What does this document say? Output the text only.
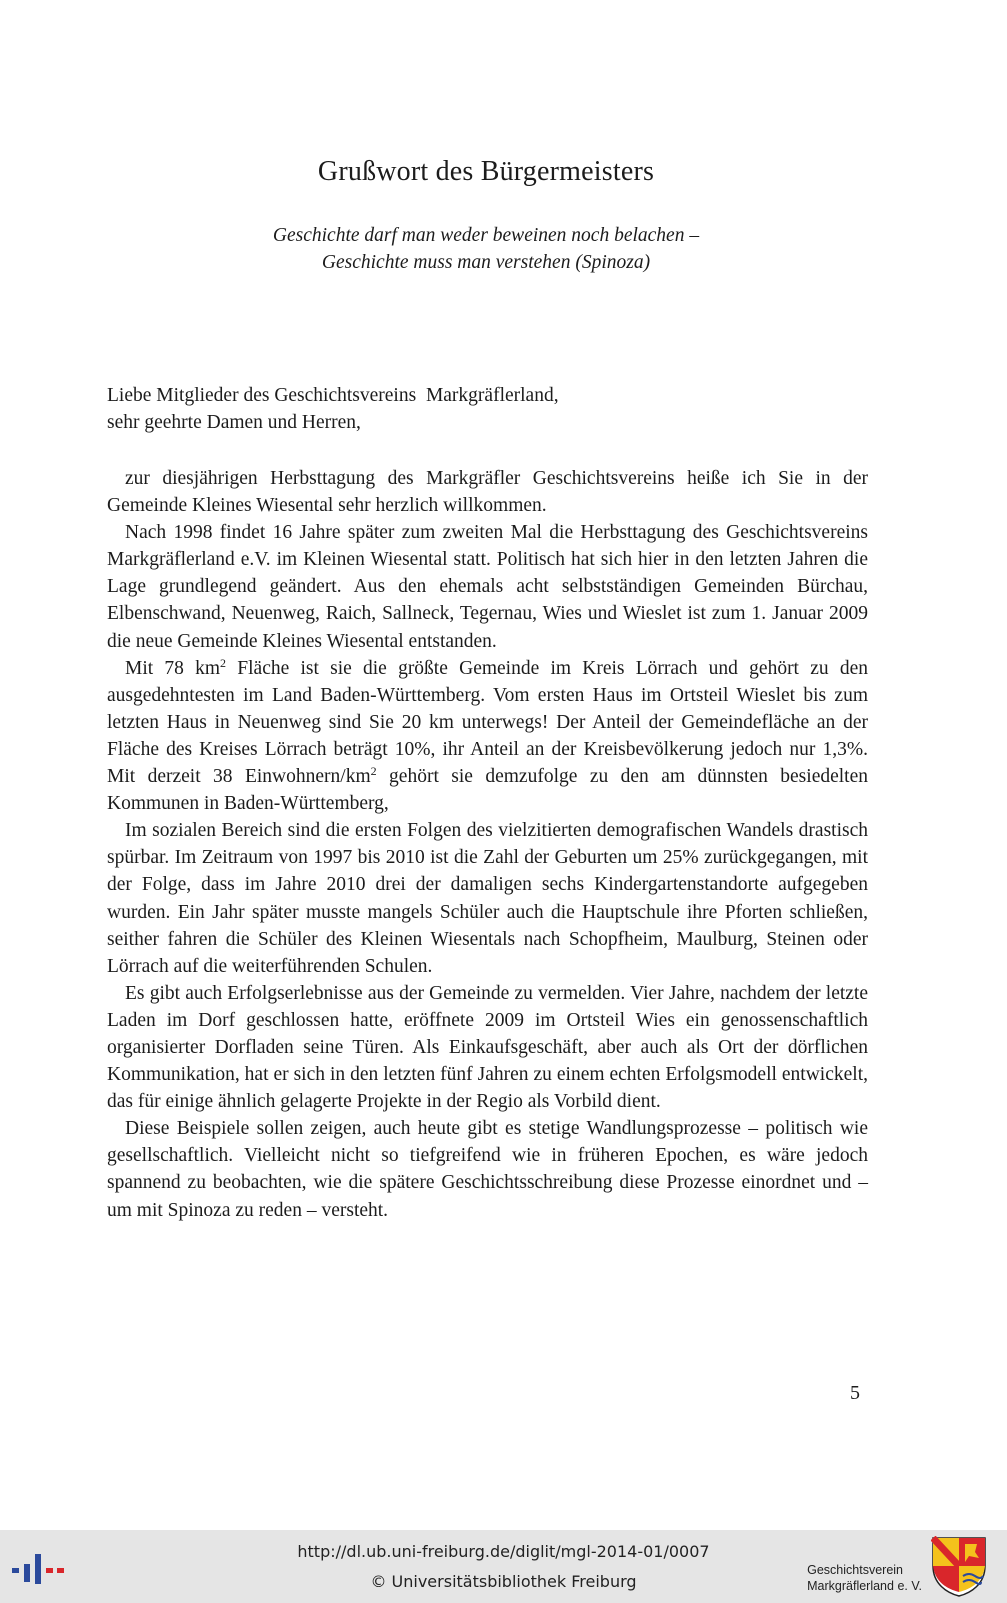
Grußwort des Bürgermeisters
Geschichte darf man weder beweinen noch belachen –
Geschichte muss man verstehen (Spinoza)
Liebe Mitglieder des Geschichtsvereins  Markgräflerland,
sehr geehrte Damen und Herren,

zur diesjährigen Herbsttagung des Markgräfler Geschichtsvereins heiße ich Sie in der Gemeinde Kleines Wiesental sehr herzlich willkommen.

Nach 1998 findet 16 Jahre später zum zweiten Mal die Herbsttagung des Geschichtsvereins Markgräflerland e.V. im Kleinen Wiesental statt. Politisch hat sich hier in den letzten Jahren die Lage grundlegend geändert. Aus den ehemals acht selbstständigen Gemeinden Bürchau, Elbenschwand, Neuenweg, Raich, Sallneck, Tegernau, Wies und Wieslet ist zum 1. Januar 2009 die neue Gemeinde Kleines Wiesental entstanden.

Mit 78 $km^2$ Fläche ist sie die größte Gemeinde im Kreis Lörrach und gehört zu den ausgedehntesten im Land Baden-Württemberg. Vom ersten Haus im Ortsteil Wieslet bis zum letzten Haus in Neuenweg sind Sie 20 km unterwegs! Der Anteil der Gemeindefläche an der Fläche des Kreises Lörrach beträgt 10%, ihr Anteil an der Kreisbevölkerung jedoch nur 1,3%. Mit derzeit 38 Einwohnern/$km^2$ gehört sie demzufolge zu den am dünnsten besiedelten Kommunen in Baden-Württemberg,

Im sozialen Bereich sind die ersten Folgen des vielzitierten demografischen Wandels drastisch spürbar. Im Zeitraum von 1997 bis 2010 ist die Zahl der Geburten um 25% zurückgegangen, mit der Folge, dass im Jahre 2010 drei der damaligen sechs Kindergartenstandorte aufgegeben wurden. Ein Jahr später musste mangels Schüler auch die Hauptschule ihre Pforten schließen, seither fahren die Schüler des Kleinen Wiesentals nach Schopfheim, Maulburg, Steinen oder Lörrach auf die weiterführenden Schulen.

Es gibt auch Erfolgserlebnisse aus der Gemeinde zu vermelden. Vier Jahre, nachdem der letzte Laden im Dorf geschlossen hatte, eröffnete 2009 im Ortsteil Wies ein genossenschaftlich organisierter Dorfladen seine Türen. Als Einkaufsgeschäft, aber auch als Ort der dörflichen Kommunikation, hat er sich in den letzten fünf Jahren zu einem echten Erfolgsmodell entwickelt, das für einige ähnlich gelagerte Projekte in der Regio als Vorbild dient.

Diese Beispiele sollen zeigen, auch heute gibt es stetige Wandlungsprozesse – politisch wie gesellschaftlich. Vielleicht nicht so tiefgreifend wie in früheren Epochen, es wäre jedoch spannend zu beobachten, wie die spätere Geschichtsschreibung diese Prozesse einordnet und – um mit Spinoza zu reden – versteht.

5
http://dl.ub.uni-freiburg.de/diglit/mgl-2014-01/0007
© Universitätsbibliothek Freiburg
Geschichtsverein
Markgräflerland e. V.
